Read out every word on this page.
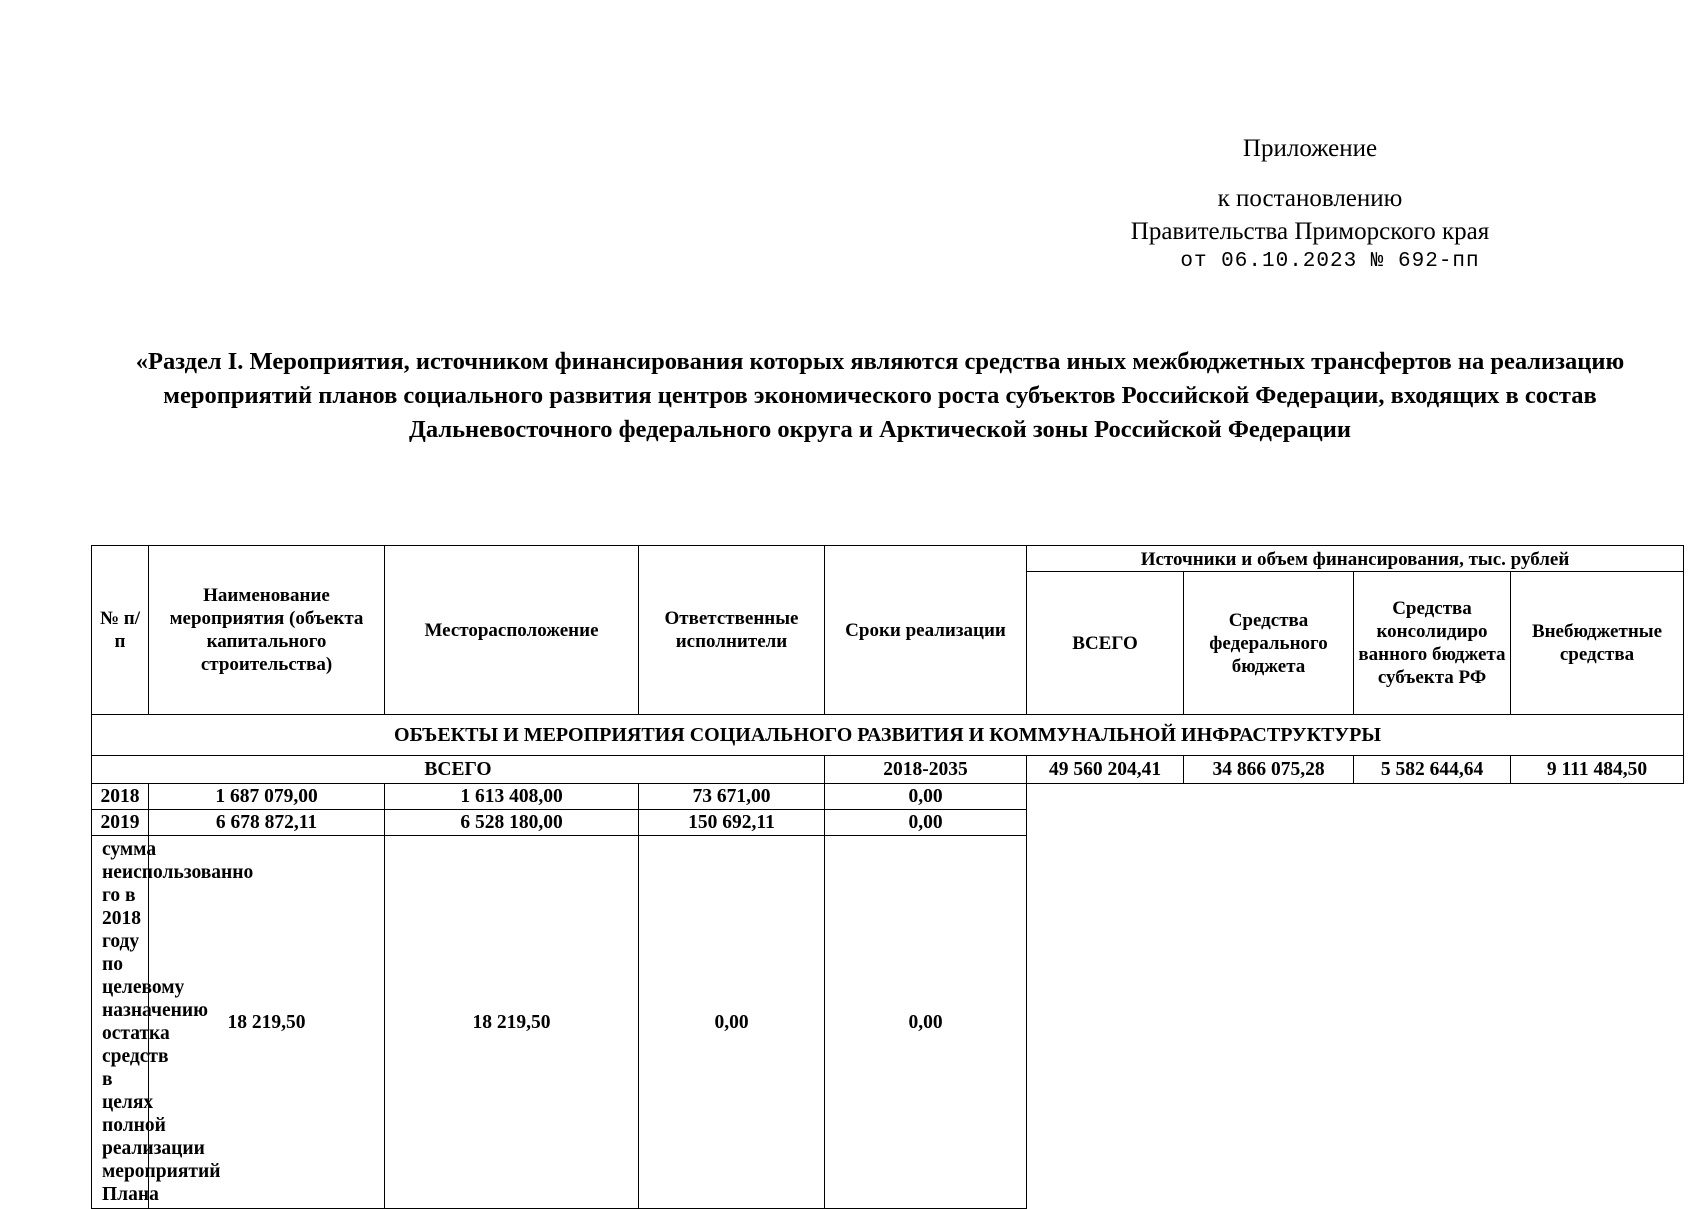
Приложение
к постановлению
Правительства Приморского края
от 06.10.2023 № 692-пп
«Раздел I. Мероприятия, источником финансирования которых являются средства иных межбюджетных трансфертов на реализацию мероприятий планов социального развития центров экономического роста субъектов Российской Федерации, входящих в состав Дальневосточного федерального округа и Арктической зоны Российской Федерации
№ п/п	Наименование мероприятия (объекта капитального строительства)	Месторасположение	Ответственные исполнители	Сроки реализации	Источники и объем финансирования, тыс. рублей			
					ВСЕГО	Средства федерального бюджета	Средства консолидиро ванного бюджета субъекта РФ	Внебюджетные средства
ОБЪЕКТЫ И МЕРОПРИЯТИЯ СОЦИАЛЬНОГО РАЗВИТИЯ И КОММУНАЛЬНОЙ ИНФРАСТРУКТУРЫ								
ВСЕГО				2018-2035	49 560 204,41	34 866 075,28	5 582 644,64	9 111 484,50
2018	1 687 079,00	1 613 408,00	73 671,00	0,00				
2019	6 678 872,11	6 528 180,00	150 692,11	0,00				
сумма неиспользованно го в 2018 году по целевому назначению остатка средств в целях полной реализации мероприятий Плана	18 219,50	18 219,50	0,00	0,00				
